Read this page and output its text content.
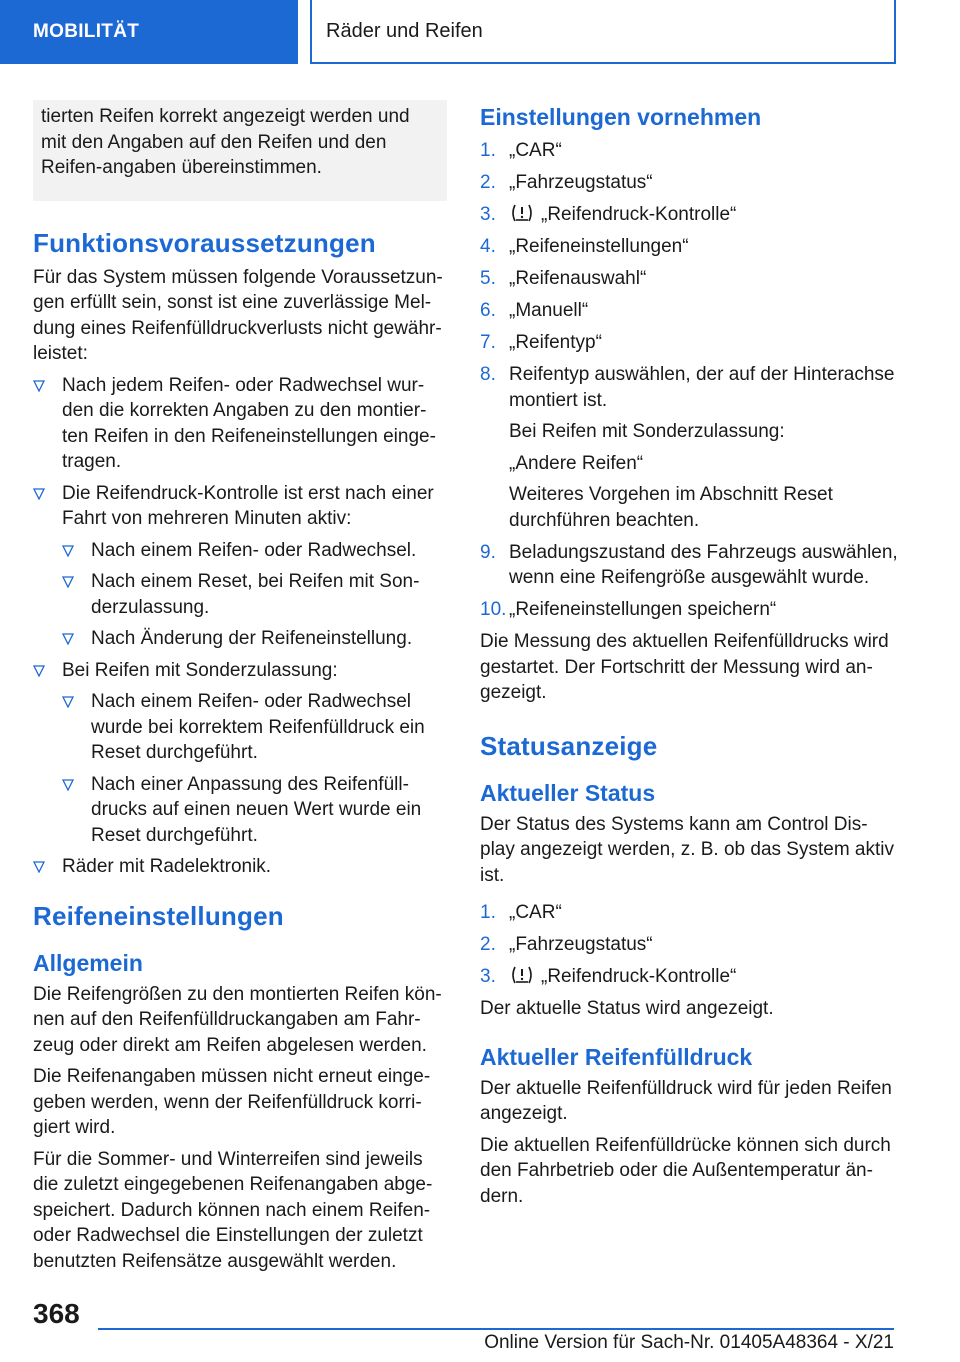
MOBILITÄT	Räder und Reifen
tierten Reifen korrekt angezeigt werden und mit den Angaben auf den Reifen und den Reifen-angaben übereinstimmen.
Funktionsvoraussetzungen

Für das System müssen folgende Voraussetzun-gen erfüllt sein, sonst ist eine zuverlässige Mel-dung eines Reifenfülldruckverlusts nicht gewähr-leistet:

Nach jedem Reifen- oder Radwechsel wur-den die korrekten Angaben zu den montier-ten Reifen in den Reifeneinstellungen einge-tragen.
Die Reifendruck-Kontrolle ist erst nach einer Fahrt von mehreren Minuten aktiv:
Nach einem Reifen- oder Radwechsel.
Nach einem Reset, bei Reifen mit Son-derzulassung.
Nach Änderung der Reifeneinstellung.
Bei Reifen mit Sonderzulassung:
Nach einem Reifen- oder Radwechsel wurde bei korrektem Reifenfülldruck ein Reset durchgeführt.
Nach einer Anpassung des Reifenfüll-drucks auf einen neuen Wert wurde ein Reset durchgeführt.
Räder mit Radelektronik.
Reifeneinstellungen
Allgemein

Die Reifengrößen zu den montierten Reifen kön-nen auf den Reifenfülldruckangaben am Fahr-zeug oder direkt am Reifen abgelesen werden.

Die Reifenangaben müssen nicht erneut einge-geben werden, wenn der Reifenfülldruck korri-giert wird.

Für die Sommer- und Winterreifen sind jeweils die zuletzt eingegebenen Reifenangaben abge-speichert. Dadurch können nach einem Reifen- oder Radwechsel die Einstellungen der zuletzt benutzten Reifensätze ausgewählt werden.

Einstellungen vornehmen
1. „CAR“
2. „Fahrzeugstatus“
3. „Reifendruck-Kontrolle“
4. „Reifeneinstellungen“
5. „Reifenauswahl“
6. „Manuell“
7. „Reifentyp“
8. Reifentyp auswählen, der auf der Hinterachse montiert ist.
Bei Reifen mit Sonderzulassung:
„Andere Reifen“
Weiteres Vorgehen im Abschnitt Reset durchführen beachten.
9. Beladungszustand des Fahrzeugs auswählen, wenn eine Reifengröße ausgewählt wurde.
10. „Reifeneinstellungen speichern“

Die Messung des aktuellen Reifenfülldrucks wird gestartet. Der Fortschritt der Messung wird an-gezeigt.

Statusanzeige
Aktueller Status

Der Status des Systems kann am Control Dis-play angezeigt werden, z. B. ob das System aktiv ist.

1. „CAR“
2. „Fahrzeugstatus“
3. „Reifendruck-Kontrolle“

Der aktuelle Status wird angezeigt.

Aktueller Reifenfülldruck

Der aktuelle Reifenfülldruck wird für jeden Reifen angezeigt.

Die aktuellen Reifenfülldrücke können sich durch den Fahrbetrieb oder die Außentemperatur än-dern.

368
Online Version für Sach-Nr. 01405A48364 - X/21
